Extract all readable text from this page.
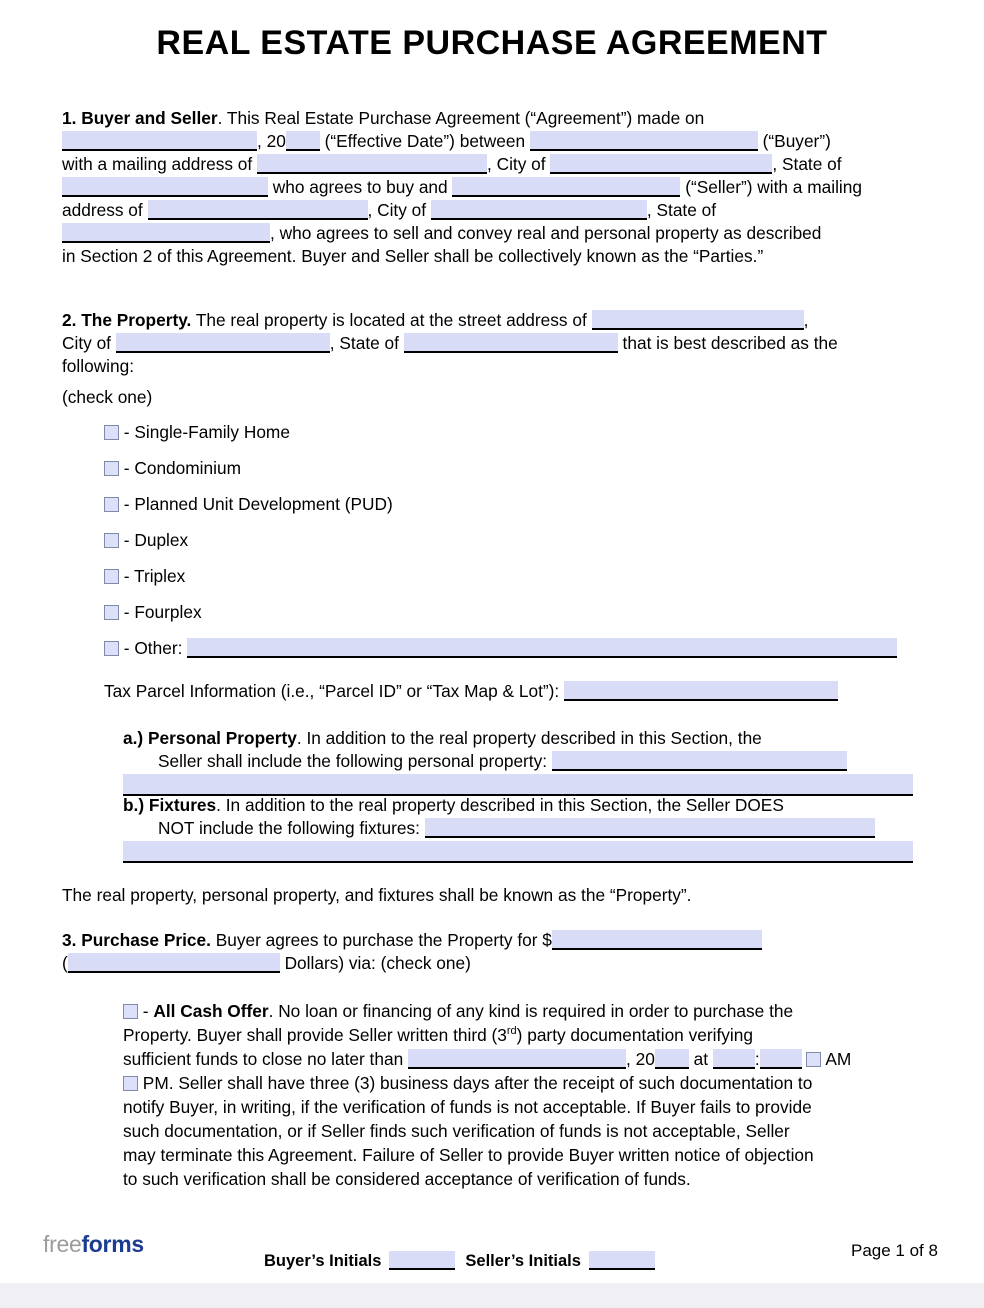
REAL ESTATE PURCHASE AGREEMENT
1. Buyer and Seller. This Real Estate Purchase Agreement (“Agreement”) made on
, 20 (“Effective Date”) between	(“Buyer”)
with a mailing address of	, City of	, State of
who agrees to buy and	(“Seller”) with a mailing
address of	, City of	, State of
, who agrees to sell and convey real and personal property as described
in Section 2 of this Agreement. Buyer and Seller shall be collectively known as the “Parties.”
2. The Property. The real property is located at the street address of	,
City of	, State of	that is best described as the
following:
(check one)
- Single-Family Home
- Condominium
- Planned Unit Development (PUD)
- Duplex
- Triplex
- Fourplex
- Other:
Tax Parcel Information (i.e., “Parcel ID” or “Tax Map & Lot”):
a.) Personal Property. In addition to the real property described in this Section, the
Seller shall include the following personal property:
b.) Fixtures. In addition to the real property described in this Section, the Seller DOES
NOT include the following fixtures:
The real property, personal property, and fixtures shall be known as the “Property”.
3. Purchase Price. Buyer agrees to purchase the Property for $
(	Dollars) via: (check one)
- All Cash Offer. No loan or financing of any kind is required in order to purchase the
Property. Buyer shall provide Seller written third (3rd) party documentation verifying
sufficient funds to close no later than	, 20 at :	AM
PM. Seller shall have three (3) business days after the receipt of such documentation to
notify Buyer, in writing, if the verification of funds is not acceptable. If Buyer fails to provide
such documentation, or if Seller finds such verification of funds is not acceptable, Seller
may terminate this Agreement. Failure of Seller to provide Buyer written notice of objection
to such verification shall be considered acceptance of verification of funds.
freeforms
Buyer’s Initials	Seller’s Initials
Page 1 of 8
